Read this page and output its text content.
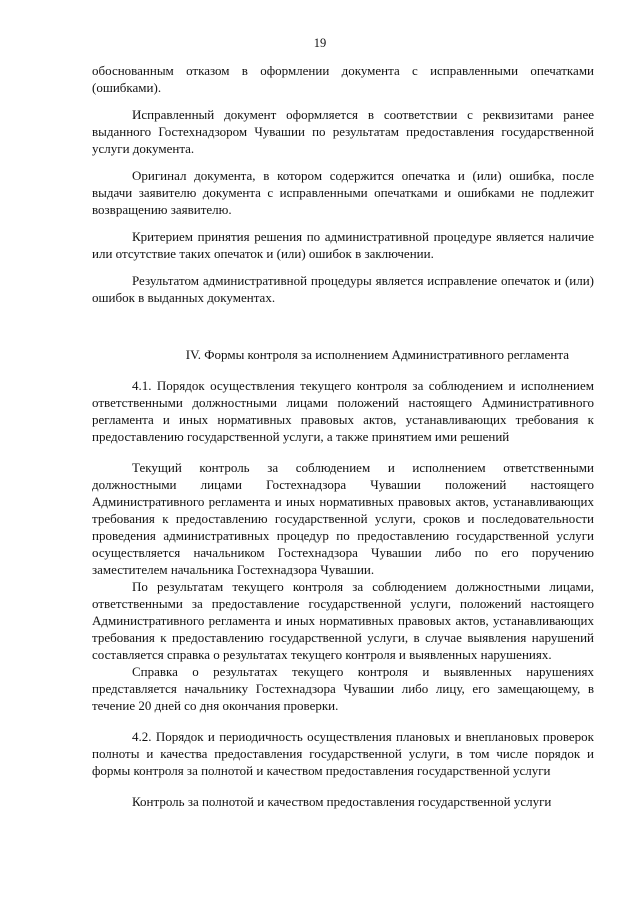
19

обоснованным отказом в оформлении документа с исправленными опечатками (ошибками).

Исправленный документ оформляется в соответствии с реквизитами ранее выданного Гостехнадзором Чувашии по результатам предоставления государственной услуги документа.

Оригинал документа, в котором содержится опечатка и (или) ошибка, после выдачи заявителю документа с исправленными опечатками и ошибками не подлежит возвращению заявителю.

Критерием принятия решения по административной процедуре является наличие или отсутствие таких опечаток и (или) ошибок в заключении.

Результатом административной процедуры является исправление опечаток и (или) ошибок в выданных документах.

IV. Формы контроля за исполнением Административного регламента

4.1. Порядок осуществления текущего контроля за соблюдением и исполнением ответственными должностными лицами положений настоящего Административного регламента и иных нормативных правовых актов, устанавливающих требования к предоставлению государственной услуги, а также принятием ими решений

Текущий контроль за соблюдением и исполнением ответственными должностными лицами Гостехнадзора Чувашии положений настоящего Административного регламента и иных нормативных правовых актов, устанавливающих требования к предоставлению государственной услуги, сроков и последовательности проведения административных процедур по предоставлению государственной услуги осуществляется начальником Гостехнадзора Чувашии либо по его поручению заместителем начальника Гостехнадзора Чувашии.

По результатам текущего контроля за соблюдением должностными лицами, ответственными за предоставление государственной услуги, положений настоящего Административного регламента и иных нормативных правовых актов, устанавливающих требования к предоставлению государственной услуги, в случае выявления нарушений составляется справка о результатах текущего контроля и выявленных нарушениях.

Справка о результатах текущего контроля и выявленных нарушениях представляется начальнику Гостехнадзора Чувашии либо лицу, его замещающему, в течение 20 дней со дня окончания проверки.

4.2. Порядок и периодичность осуществления плановых и внеплановых проверок полноты и качества предоставления государственной услуги, в том числе порядок и формы контроля за полнотой и качеством предоставления государственной услуги

Контроль за полнотой и качеством предоставления государственной услуги
